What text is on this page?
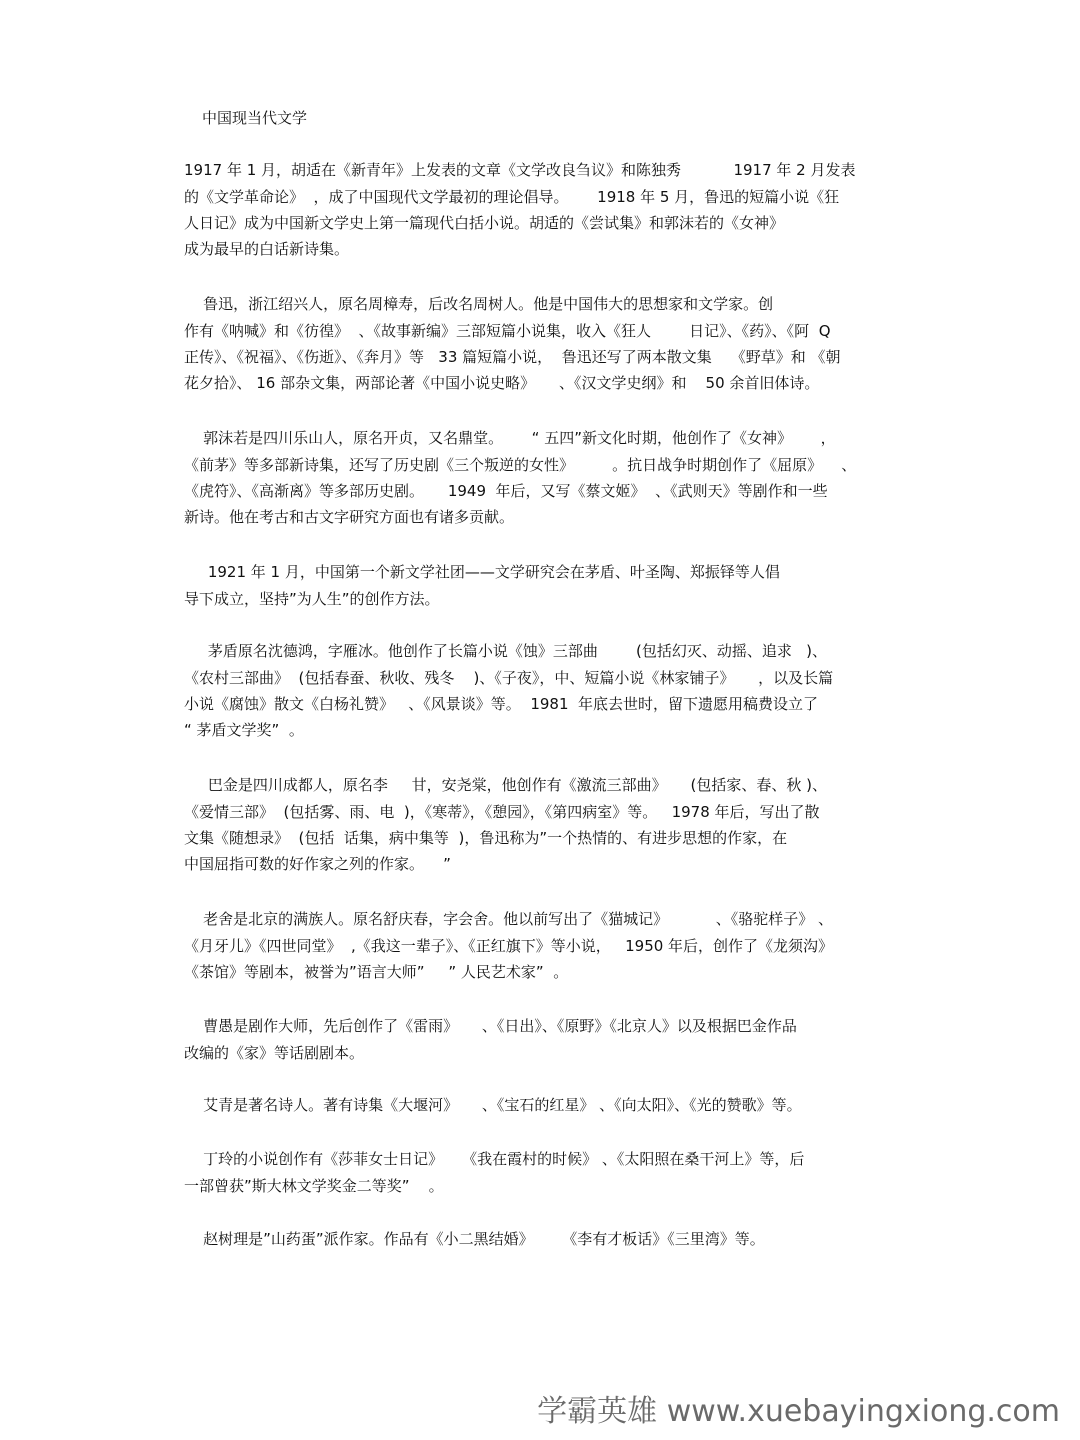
中国现当代文学
1917 年 1 月，胡适在《新青年》上发表的文章《文学改良刍议》和陈独秀           1917 年 2 月发表
的《文学革命论》  ，成了中国现代文学最初的理论倡导。      1918 年 5 月，鲁迅的短篇小说《狂
人日记》成为中国新文学史上第一篇现代白括小说。胡适的《尝试集》和郭沫若的《女神》
成为最早的白话新诗集。
鲁迅，浙江绍兴人，原名周樟寿，后改名周树人。他是中国伟大的思想家和文学家。创
作有《呐喊》和《彷徨》  、《故事新编》三部短篇小说集，收入《狂人        日记》、《药》、《阿  Q
正传》、《祝福》、《伤逝》、《奔月》等   33 篇短篇小说，  鲁迅还写了两本散文集    《野草》和 《朝
花夕拾》、 16 部杂文集，两部论著《中国小说史略》     、《汉文学史纲》和    50 余首旧体诗。
郭沫若是四川乐山人，原名开贞，又名鼎堂。      “ 五四”新文化时期，他创作了《女神》      ，
《前茅》等多部新诗集，还写了历史剧《三个叛逆的女性》        。抗日战争时期创作了《屈原》    、
《虎符》、《高渐离》等多部历史剧。     1949  年后，又写《蔡文姬》  、《武则天》等剧作和一些
新诗。他在考古和古文字研究方面也有诸多贡献。
1921 年 1 月，中国第一个新文学社团——文学研究会在茅盾、叶圣陶、郑振铎等人倡
导下成立，坚持”为人生”的创作方法。
茅盾原名沈德鸿，字雁冰。他创作了长篇小说《蚀》三部曲        (包括幻灭、动摇、追求   )、
《农村三部曲》  (包括春蚕、秋收、残冬    )、《子夜》，中、短篇小说《林家铺子》     ，以及长篇
小说《腐蚀》散文《白杨礼赞》   、《风景谈》等。  1981  年底去世时，留下遗愿用稿费设立了
“ 茅盾文学奖”  。
巴金是四川成都人，原名李     甘，安尧棠，他创作有《激流三部曲》     (包括家、春、秋 )、
《爱情三部》  (包括雾、雨、电  )，《寒蒂》，《憩园》，《第四病室》等。   1978 年后，写出了散
文集《随想录》  (包括  话集，病中集等  )，鲁迅称为”一个热情的、有进步思想的作家，在
中国屈指可数的好作家之列的作家。    ”
老舍是北京的满族人。原名舒庆春，字会舍。他以前写出了《猫城记》          、《骆驼样子》 、
《月牙儿》《四世同堂》  ,《我这一辈子》、《正红旗下》等小说，   1950 年后，创作了《龙须沟》
《茶馆》等剧本，被誉为”语言大师”     ” 人民艺术家”  。
曹愚是剧作大师，先后创作了《雷雨》     、《日出》、《原野》《北京人》以及根据巴金作品
改编的《家》等话剧剧本。
艾青是著名诗人。著有诗集《大堰河》     、《宝石的红星》 、《向太阳》、《光的赞歌》等。
丁玲的小说创作有《莎菲女士日记》    《我在霞村的时候》 、《太阳照在桑干河上》等，后
一部曾获”斯大林文学奖金二等奖”    。
赵树理是”山药蛋”派作家。作品有《小二黑结婚》      《李有才板话》《三里湾》等。
学霸英雄 www.xuebayingxiong.com
